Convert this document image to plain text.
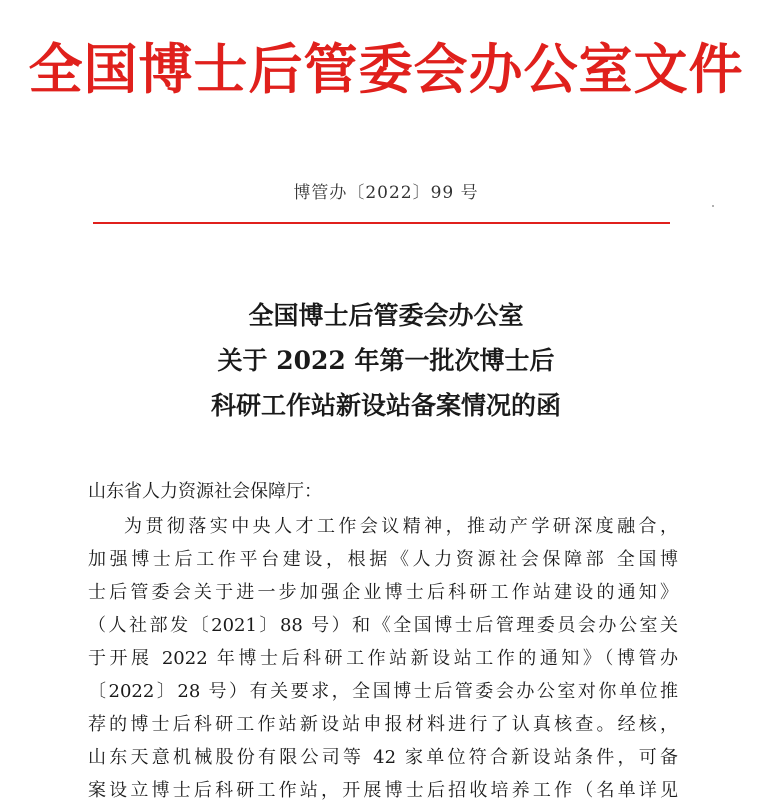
全国博士后管委会办公室文件
博管办〔2022〕99 号
全国博士后管委会办公室
关于 2022 年第一批次博士后
科研工作站新设站备案情况的函
山东省人力资源社会保障厅：
为贯彻落实中央人才工作会议精神，推动产学研深度融合，
加强博士后工作平台建设，根据《人力资源社会保障部 全国博
士后管委会关于进一步加强企业博士后科研工作站建设的通知》
（人社部发〔2021〕88 号）和《全国博士后管理委员会办公室关
于开展 2022 年博士后科研工作站新设站工作的通知》（博管办
〔2022〕28 号）有关要求，全国博士后管委会办公室对你单位推
荐的博士后科研工作站新设站申报材料进行了认真核查。经核，
山东天意机械股份有限公司等 42 家单位符合新设站条件，可备
案设立博士后科研工作站，开展博士后招收培养工作（名单详见
